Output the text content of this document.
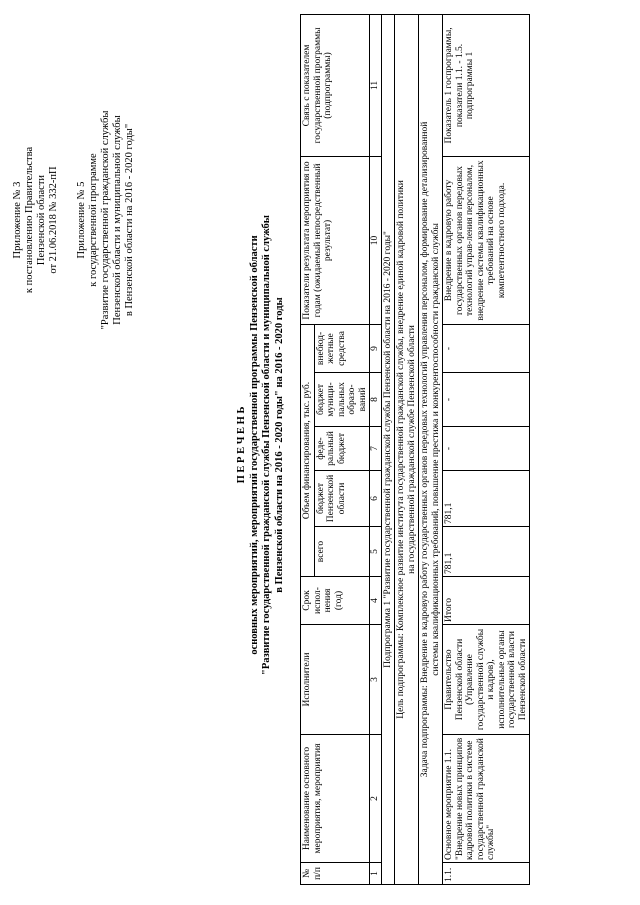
Приложение № 3 к постановлению Правительства Пензенской области от 21.06.2018 № 332-пП Приложение № 5 к государственной программе "Развитие государственной гражданской службы Пензенской области и муниципальной службы в Пензенской области на 2016 - 2020 годы"
П Е Р Е Ч Е Н Ь основных мероприятий, мероприятий государственной программы Пензенской области "Развитие государственной гражданской службы Пензенской области и муниципальной службы в Пензенской области на 2016 - 2020 годы" на 2016 - 2020 годы
№ п/п	Наименование основного мероприятия, мероприятия	Исполнители	Срок испол-нения (год)	Объем финансирования, тыс. руб.					Показатели результата мероприятия по годам (ожидаемый непосредственный результат)	Связь с показателем государственной программы (подпрограммы)
				всего	бюджет Пензенской области	феде-ральный бюджет	бюджет муници-пальных образо-ваний	внебюд-жетные средства		
1	2	3	4	5	6	7	8	9	10	11
Подпрограмма 1 "Развитие государственной гражданской службы Пензенской области на 2016 - 2020 годы"										

Цель подпрограммы: Комплексное развитие института государственной гражданской службы, внедрение единой кадровой политики на государственной гражданской службе Пензенской области										

Задача подпрограммы: Внедрение в кадровую работу государственных органов передовых технологий управления персоналом, формирование детализированной системы квалификационных требований, повышение престижа и конкурентоспособности гражданской службы										

1.1.	Основное мероприятие 1.1. "Внедрение новых принципов кадровой политики в системе государственной гражданской службы"	Правительство Пензенской области (Управление государственной службы и кадров), исполнительные органы государственной власти Пензенской области	Итого	781,1	781,1	-	-	-	Внедрение в кадровую работу государственных органов передовых технологий управ-ления персоналом, внедрение системы квалификационных требований на основе компетентностного подхода.	Показатель 1 госпрограммы, показатели 1.1. - 1.5. подпрограммы 1
